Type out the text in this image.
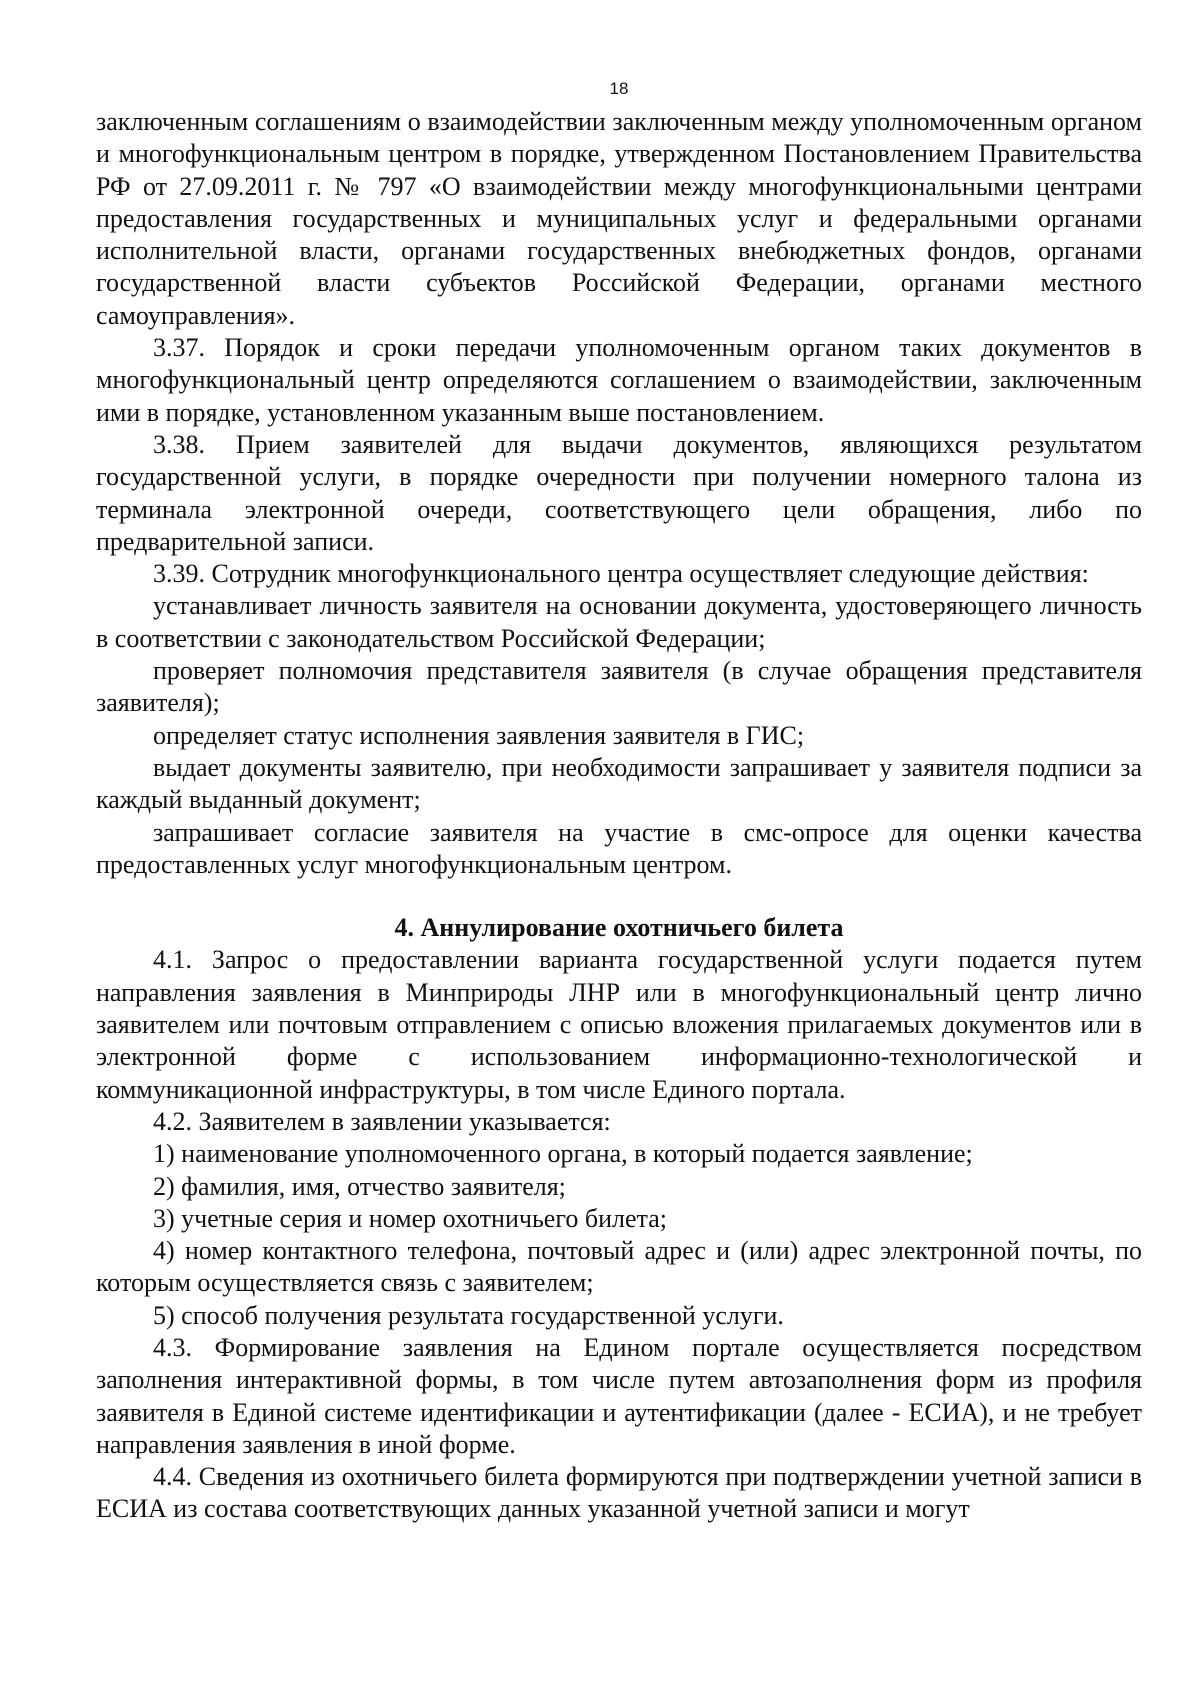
18

заключенным соглашениям о взаимодействии заключенным между уполномоченным органом и многофункциональным центром в порядке, утвержденном Постановлением Правительства РФ от 27.09.2011 г. № 797 «О взаимодействии между многофункциональными центрами предоставления государственных и муниципальных услуг и федеральными органами исполнительной власти, органами государственных внебюджетных фондов, органами государственной власти субъектов Российской Федерации, органами местного самоуправления».

3.37. Порядок и сроки передачи уполномоченным органом таких документов в многофункциональный центр определяются соглашением о взаимодействии, заключенным ими в порядке, установленном указанным выше постановлением.

3.38. Прием заявителей для выдачи документов, являющихся результатом государственной услуги, в порядке очередности при получении номерного талона из терминала электронной очереди, соответствующего цели обращения, либо по предварительной записи.

3.39. Сотрудник многофункционального центра осуществляет следующие действия:

устанавливает личность заявителя на основании документа, удостоверяющего личность в соответствии с законодательством Российской Федерации;

проверяет полномочия представителя заявителя (в случае обращения представителя заявителя);

определяет статус исполнения заявления заявителя в ГИС;

выдает документы заявителю, при необходимости запрашивает у заявителя подписи за каждый выданный документ;

запрашивает согласие заявителя на участие в смс-опросе для оценки качества предоставленных услуг многофункциональным центром.

4. Аннулирование охотничьего билета

4.1. Запрос о предоставлении варианта государственной услуги подается путем направления заявления в Минприроды ЛНР или в многофункциональный центр лично заявителем или почтовым отправлением с описью вложения прилагаемых документов или в электронной форме с использованием информационно-технологической и коммуникационной инфраструктуры, в том числе Единого портала.

4.2. Заявителем в заявлении указывается:

1) наименование уполномоченного органа, в который подается заявление;

2) фамилия, имя, отчество заявителя;

3) учетные серия и номер охотничьего билета;

4) номер контактного телефона, почтовый адрес и (или) адрес электронной почты, по которым осуществляется связь с заявителем;

5) способ получения результата государственной услуги.

4.3. Формирование заявления на Едином портале осуществляется посредством заполнения интерактивной формы, в том числе путем автозаполнения форм из профиля заявителя в Единой системе идентификации и аутентификации (далее - ЕСИА), и не требует направления заявления в иной форме.

4.4. Сведения из охотничьего билета формируются при подтверждении учетной записи в ЕСИА из состава соответствующих данных указанной учетной записи и могут
